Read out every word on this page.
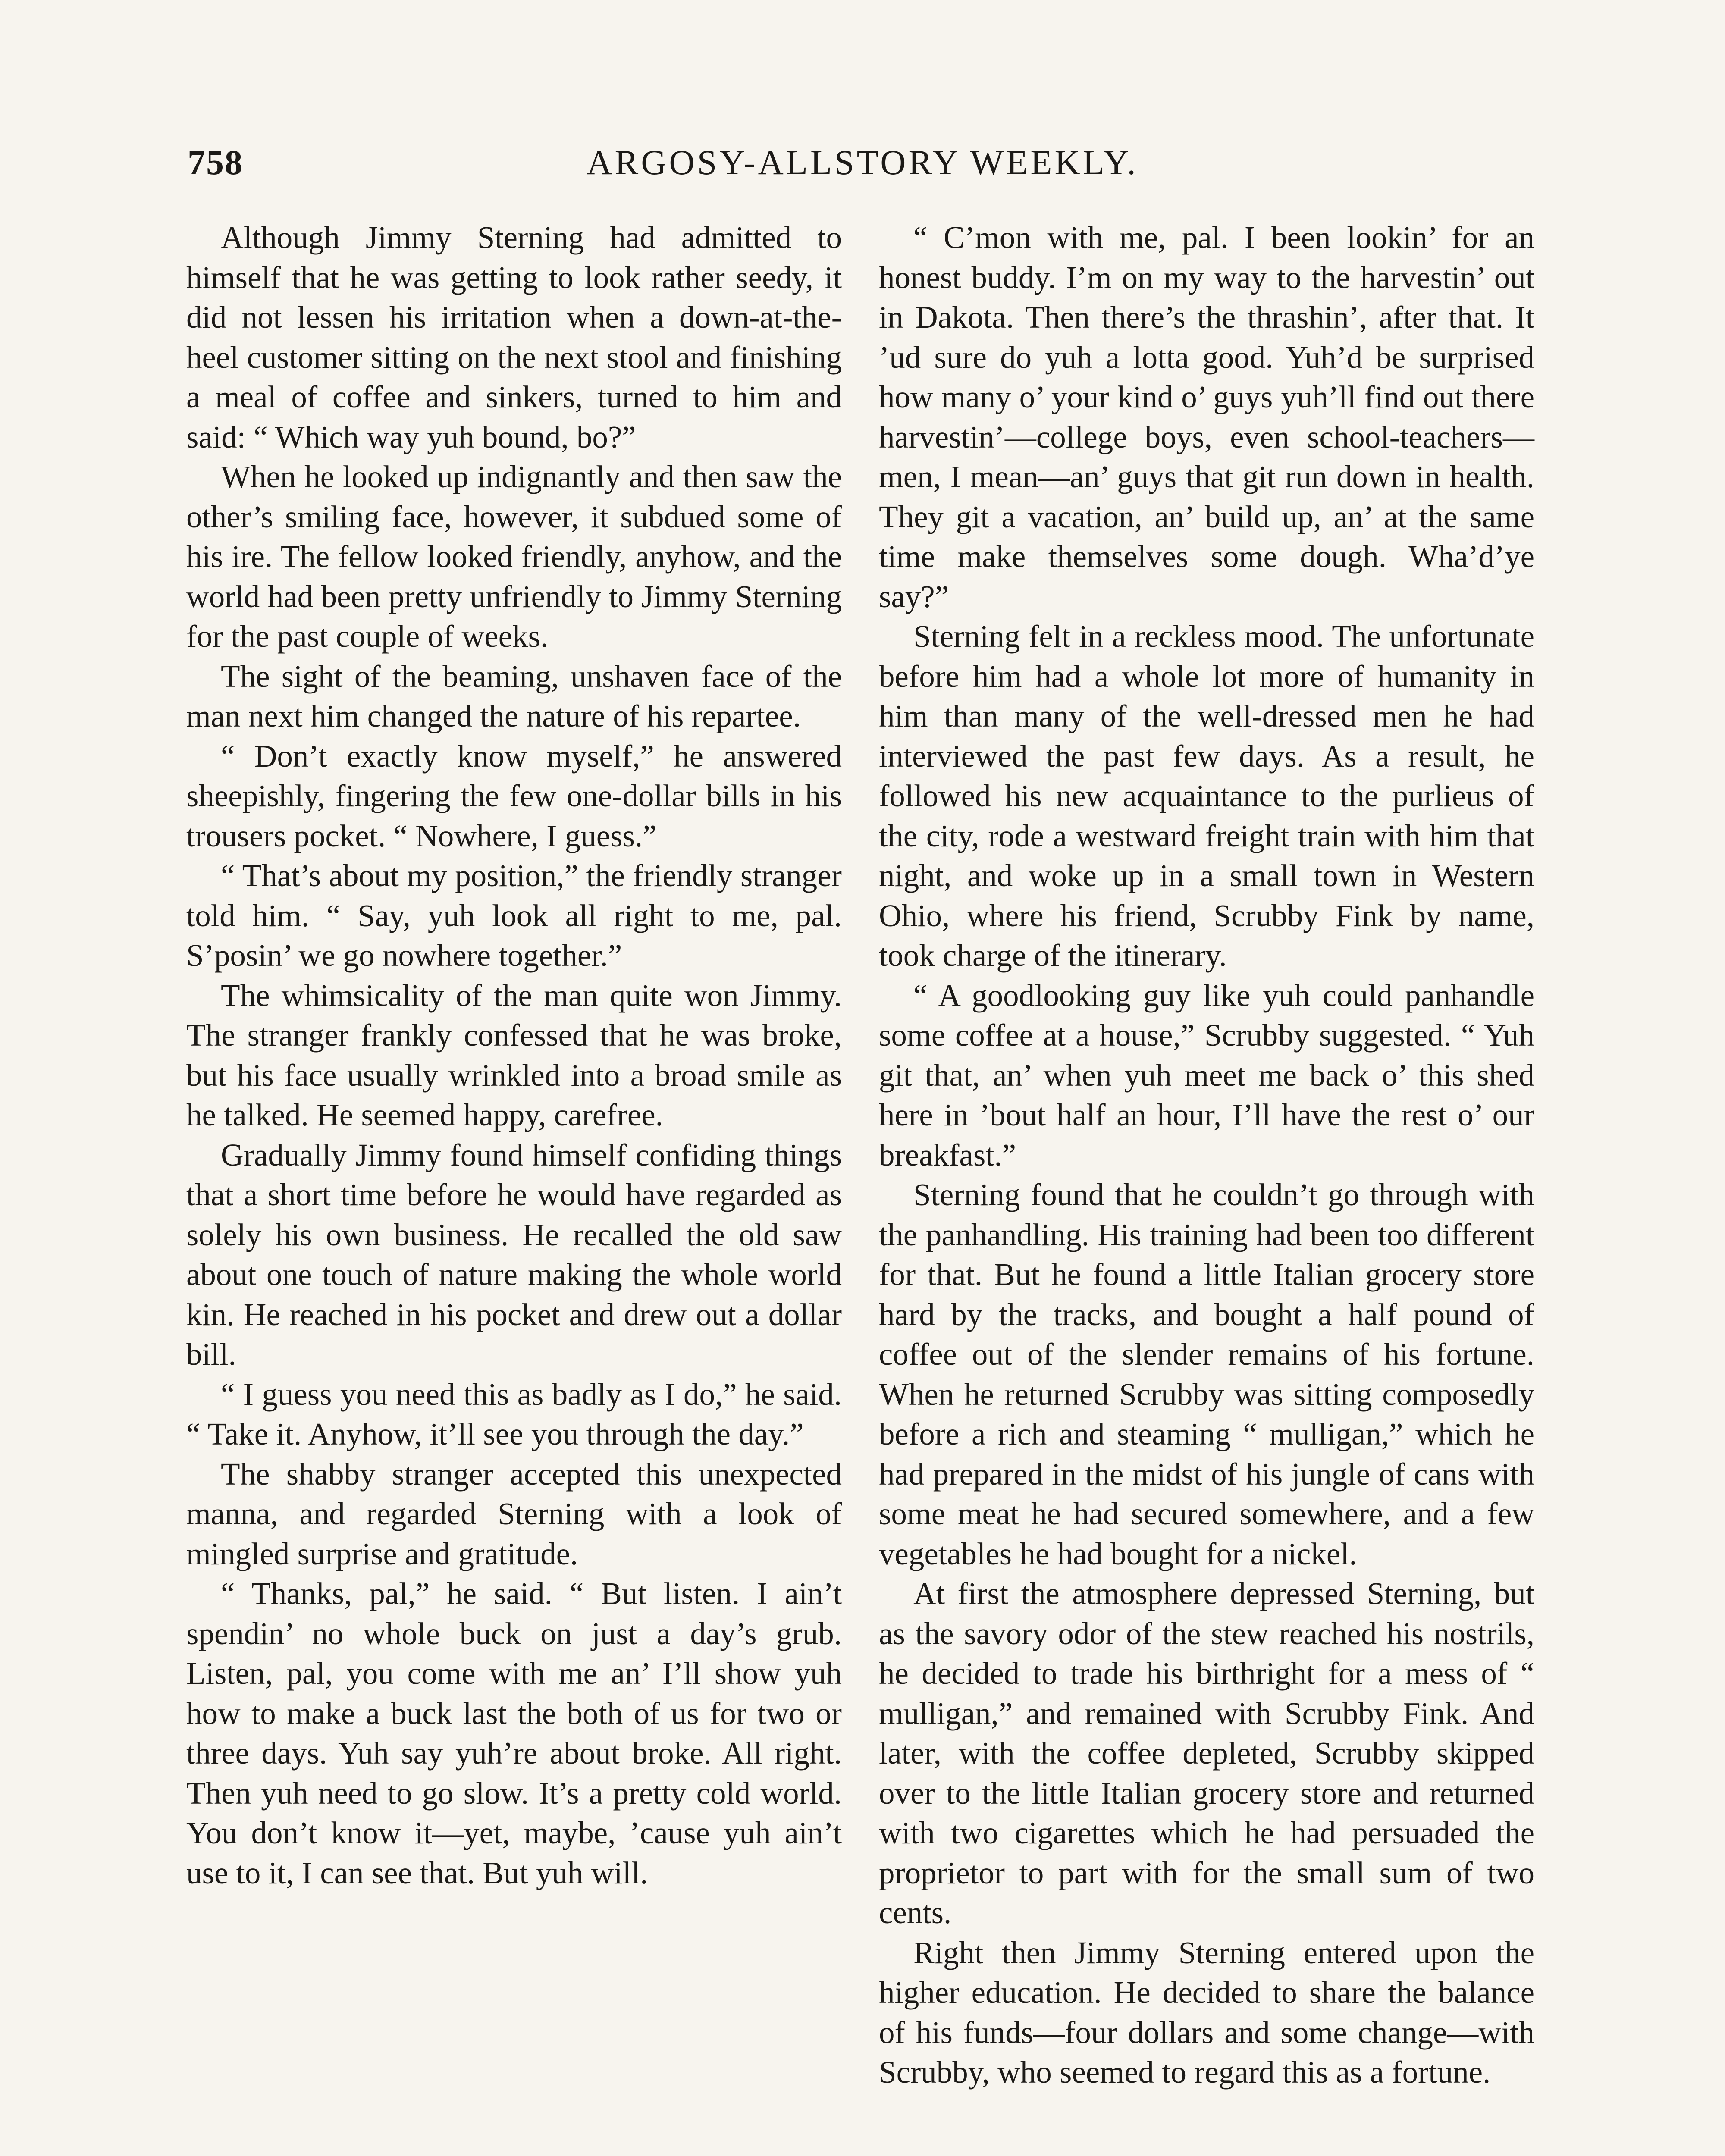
758	ARGOSY-ALLSTORY WEEKLY.

Although Jimmy Sterning had admitted to himself that he was getting to look rather seedy, it did not lessen his irritation when a down-at-the-heel customer sitting on the next stool and finishing a meal of coffee and sinkers, turned to him and said: “ Which way yuh bound, bo?”

When he looked up indignantly and then saw the other’s smiling face, however, it subdued some of his ire. The fellow looked friendly, anyhow, and the world had been pretty unfriendly to Jimmy Sterning for the past couple of weeks.

The sight of the beaming, unshaven face of the man next him changed the nature of his repartee.

“ Don’t exactly know myself,” he answered sheepishly, fingering the few one-dollar bills in his trousers pocket. “ Nowhere, I guess.”

“ That’s about my position,” the friendly stranger told him. “ Say, yuh look all right to me, pal. S’posin’ we go nowhere together.”

The whimsicality of the man quite won Jimmy. The stranger frankly confessed that he was broke, but his face usually wrinkled into a broad smile as he talked. He seemed happy, carefree.

Gradually Jimmy found himself confiding things that a short time before he would have regarded as solely his own business. He recalled the old saw about one touch of nature making the whole world kin. He reached in his pocket and drew out a dollar bill.

“ I guess you need this as badly as I do,” he said. “ Take it. Anyhow, it’ll see you through the day.”

The shabby stranger accepted this unexpected manna, and regarded Sterning with a look of mingled surprise and gratitude.

“ Thanks, pal,” he said. “ But listen. I ain’t spendin’ no whole buck on just a day’s grub. Listen, pal, you come with me an’ I’ll show yuh how to make a buck last the both of us for two or three days. Yuh say yuh’re about broke. All right. Then yuh need to go slow. It’s a pretty cold world. You don’t know it—yet, maybe, ’cause yuh ain’t use to it, I can see that. But yuh will.

“ C’mon with me, pal. I been lookin’ for an honest buddy. I’m on my way to the harvestin’ out in Dakota. Then there’s the thrashin’, after that. It ’ud sure do yuh a lotta good. Yuh’d be surprised how many o’ your kind o’ guys yuh’ll find out there harvestin’—college boys, even school-teachers—men, I mean—an’ guys that git run down in health. They git a vacation, an’ build up, an’ at the same time make themselves some dough. Wha’d’ye say?”

Sterning felt in a reckless mood. The unfortunate before him had a whole lot more of humanity in him than many of the well-dressed men he had interviewed the past few days. As a result, he followed his new acquaintance to the purlieus of the city, rode a westward freight train with him that night, and woke up in a small town in Western Ohio, where his friend, Scrubby Fink by name, took charge of the itinerary.

“ A goodlooking guy like yuh could panhandle some coffee at a house,” Scrubby suggested. “ Yuh git that, an’ when yuh meet me back o’ this shed here in ’bout half an hour, I’ll have the rest o’ our breakfast.”

Sterning found that he couldn’t go through with the panhandling. His training had been too different for that. But he found a little Italian grocery store hard by the tracks, and bought a half pound of coffee out of the slender remains of his fortune. When he returned Scrubby was sitting composedly before a rich and steaming “ mulligan,” which he had prepared in the midst of his jungle of cans with some meat he had secured somewhere, and a few vegetables he had bought for a nickel.

At first the atmosphere depressed Sterning, but as the savory odor of the stew reached his nostrils, he decided to trade his birthright for a mess of “ mulligan,” and remained with Scrubby Fink. And later, with the coffee depleted, Scrubby skipped over to the little Italian grocery store and returned with two cigarettes which he had persuaded the proprietor to part with for the small sum of two cents.

Right then Jimmy Sterning entered upon the higher education. He decided to share the balance of his funds—four dollars and some change—with Scrubby, who seemed to regard this as a fortune.
